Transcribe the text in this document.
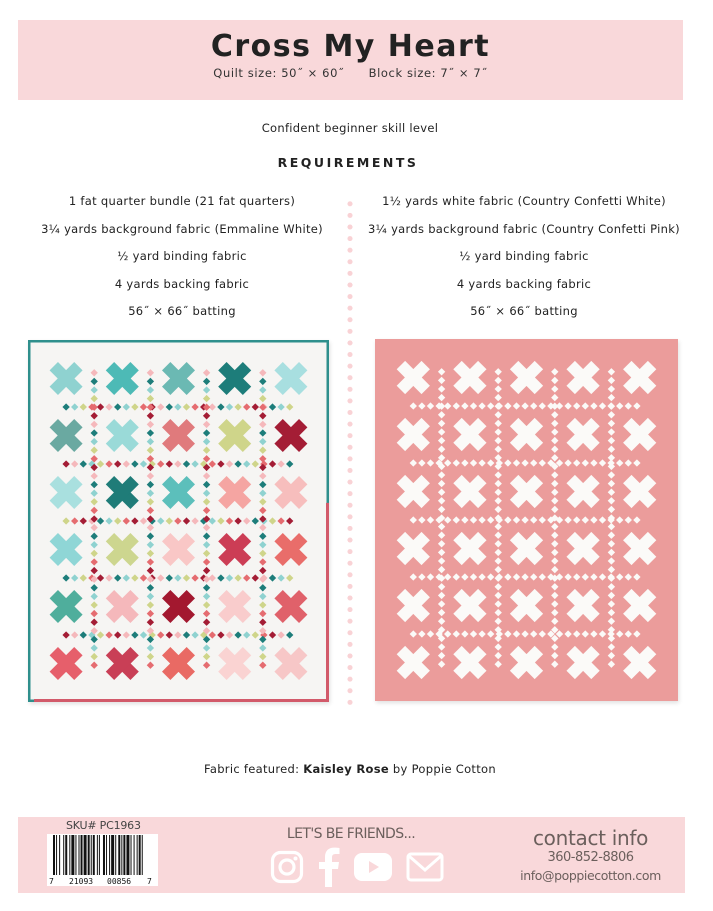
Cross My Heart
Quilt size: 50˝ × 60˝ Block size: 7˝ × 7˝
Confident beginner skill level
REQUIREMENTS
1 fat quarter bundle (21 fat quarters)
3¼ yards background fabric (Emmaline White)
½ yard binding fabric
4 yards backing fabric
56˝ × 66˝ batting
1½ yards white fabric (Country Confetti White)
3¼ yards background fabric (Country Confetti Pink)
½ yard binding fabric
4 yards backing fabric
56˝ × 66˝ batting
Fabric featured: Kaisley Rose by Poppie Cotton
SKU# PC1963
7 21093 00856 7
LET'S BE FRIENDS...	contact info
360-852-8806
info@poppiecotton.com
